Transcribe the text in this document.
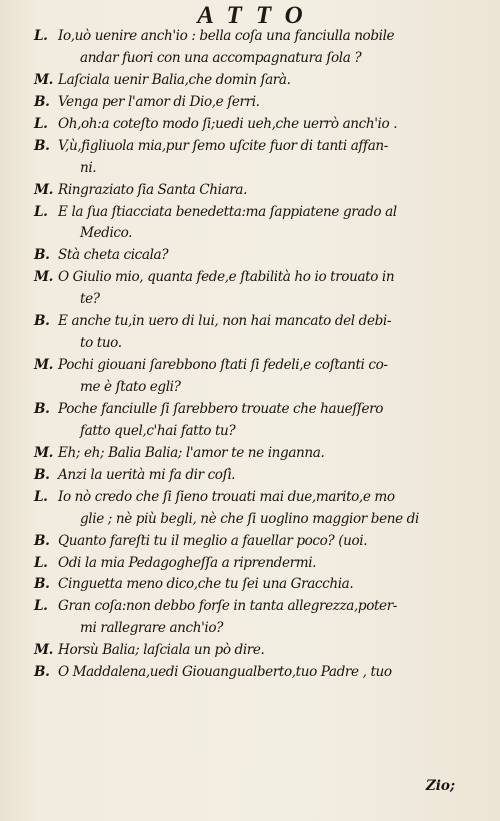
ATTO
L. Io,uò uenire anch'io : bella coſa una fanciulla nobile
andar fuori con una accompagnatura ſola ?
M. Laſciala uenir Balia,che domin ſarà.
B. Venga per l'amor di Dio,e ſerri.
L. Oh,oh:a coteſto modo ſi;uedi ueh,che uerrò anch'io .
B. V,ù,figliuola mia,pur ſemo uſcite fuor di tanti affan-
ni.
M. Ringraziato ſia Santa Chiara.
L. E la ſua ſtiacciata benedetta:ma ſappiatene grado al
Medico.
B. Stà cheta cicala?
M. O Giulio mio, quanta fede,e ſtabilità ho io trouato in
te?
B. E anche tu,in uero di lui, non hai mancato del debi-
to tuo.
M. Pochi giouani ſarebbono ſtati ſi fedeli,e coſtanti co-
me è ſtato egli?
B. Poche fanciulle ſi ſarebbero trouate che haueſſero
fatto quel,c'hai fatto tu?
M. Eh; eh; Balia Balia; l'amor te ne inganna.
B. Anzi la uerità mi fa dir coſì.
L. Io nò credo che ſi ſieno trouati mai due,marito,e mo
glie ; nè più begli, nè che ſi uoglino maggior bene di
B. Quanto fareſti tu il meglio a fauellar poco? (uoi.
L. Odi la mia Pedagogheſſa a riprendermi.
B. Cinguetta meno dico,che tu ſei una Gracchia.
L. Gran coſa:non debbo forſe in tanta allegrezza,poter-
mi rallegrare anch'io?
M. Horsù Balia; laſciala un pò dire.
B. O Maddalena,uedi Giouangualberto,tuo Padre , tuo
Zio;
